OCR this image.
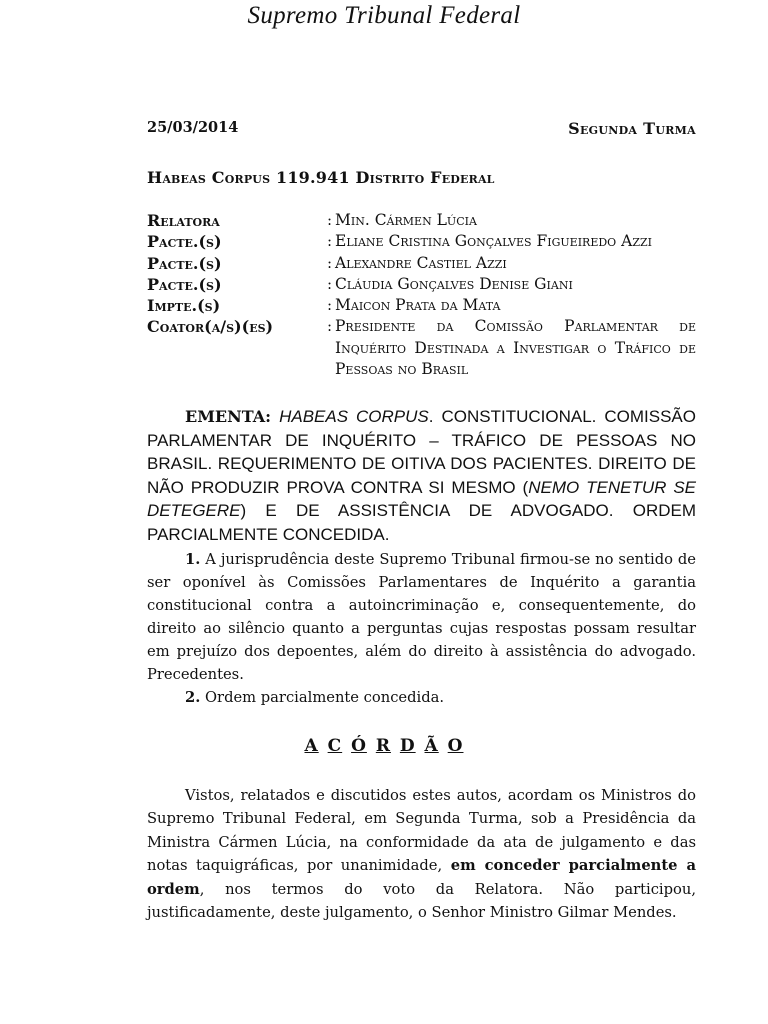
Supremo Tribunal Federal
25/03/2014	Segunda Turma
Habeas Corpus 119.941 Distrito Federal
Relatora	: Min. Cármen Lúcia
Pacte.(s)	: Eliane Cristina Gonçalves Figueiredo Azzi
Pacte.(s)	: Alexandre Castiel Azzi
Pacte.(s)	: Cláudia Gonçalves Denise Giani
Impte.(s)	: Maicon Prata da Mata
Coator(a/s)(es)	: Presidente da Comissão Parlamentar de Inquérito Destinada a Investigar o Tráfico de Pessoas no Brasil

EMENTA: HABEAS CORPUS. CONSTITUCIONAL. COMISSÃO PARLAMENTAR DE INQUÉRITO – TRÁFICO DE PESSOAS NO BRASIL. REQUERIMENTO DE OITIVA DOS PACIENTES. DIREITO DE NÃO PRODUZIR PROVA CONTRA SI MESMO (NEMO TENETUR SE DETEGERE) E DE ASSISTÊNCIA DE ADVOGADO. ORDEM PARCIALMENTE CONCEDIDA.

1. A jurisprudência deste Supremo Tribunal firmou-se no sentido de ser oponível às Comissões Parlamentares de Inquérito a garantia constitucional contra a autoincriminação e, consequentemente, do direito ao silêncio quanto a perguntas cujas respostas possam resultar em prejuízo dos depoentes, além do direito à assistência do advogado. Precedentes.

2. Ordem parcialmente concedida.

A C Ó R D Ã O

Vistos, relatados e discutidos estes autos, acordam os Ministros do Supremo Tribunal Federal, em Segunda Turma, sob a Presidência da Ministra Cármen Lúcia, na conformidade da ata de julgamento e das notas taquigráficas, por unanimidade, em conceder parcialmente a ordem, nos termos do voto da Relatora. Não participou, justificadamente, deste julgamento, o Senhor Ministro Gilmar Mendes.
